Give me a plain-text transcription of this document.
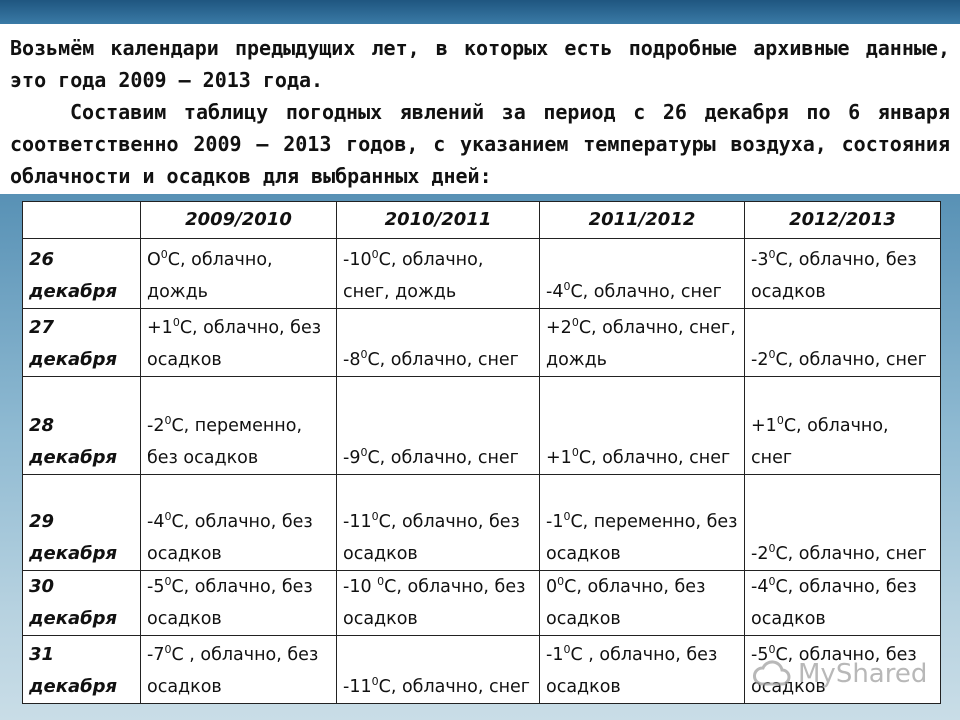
Возьмём календари предыдущих лет, в которых есть подробные архивные данные, это года 2009 – 2013 года.

Составим таблицу погодных явлений за период с 26 декабря по 6 января соответственно 2009 – 2013 годов, с указанием температуры воздуха, состояния облачности и осадков для выбранных дней:

	2009/2010	2010/2011	2011/2012	2012/2013
26
декабря	$О^0С$, облачно, дождь	$-10^0С$, облачно, снег, дождь	$-4^0С$, облачно, снег	$-3^0С$, облачно, без осадков
27
декабря	$+1^0С$, облачно, без осадков	$-8^0С$, облачно, снег	$+2^0С$, облачно, снег, дождь	$-2^0С$, облачно, снег
28
декабря	$-2^0С$, переменно, без осадков	$-9^0С$, облачно, снег	$+1^0С$, облачно, снег	$+1^0С$, облачно, снег
29
декабря	$-4^0С$, облачно, без осадков	$-11^0С$, облачно, без осадков	$-1^0С$, переменно, без осадков	$-2^0С$, облачно, снег
30
декабря	$-5^0С$, облачно, без осадков	-10 $^0$С, облачно, без осадков	$0^0С$, облачно, без осадков	$-4^0С$, облачно, без осадков
31
декабря	$-7^0С$ , облачно, без осадков	$-11^0С$, облачно, снег	$-1^0С$ , облачно, без осадков	$-5^0С$, облачно, без осадков
MyShared
